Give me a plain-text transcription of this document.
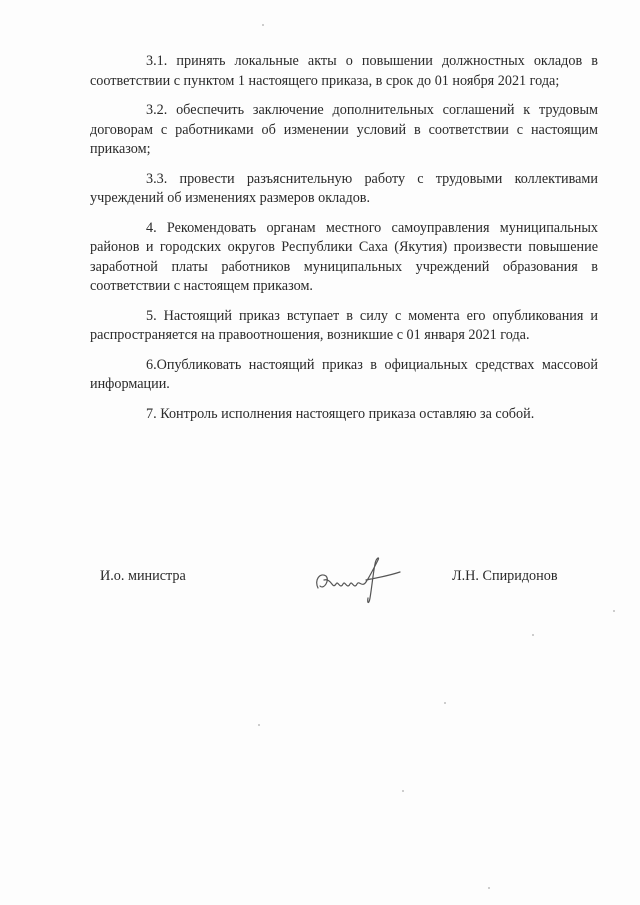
3.1. принять локальные акты о повышении должностных окладов в соответствии с пунктом 1 настоящего приказа, в срок до 01 ноября 2021 года;

3.2. обеспечить заключение дополнительных соглашений к трудовым договорам с работниками об изменении условий в соответствии с настоящим приказом;

3.3. провести разъяснительную работу с трудовыми коллективами учреждений об изменениях размеров окладов.

4. Рекомендовать органам местного самоуправления муниципальных районов и городских округов Республики Саха (Якутия) произвести повышение заработной платы работников муниципальных учреждений образования в соответствии с настоящем приказом.

5. Настоящий приказ вступает в силу с момента его опубликования и распространяется на правоотношения, возникшие с 01 января 2021 года.

6.Опубликовать настоящий приказ в официальных средствах массовой информации.

7. Контроль исполнения настоящего приказа оставляю за собой.

И.о. министра	Л.Н. Спиридонов
